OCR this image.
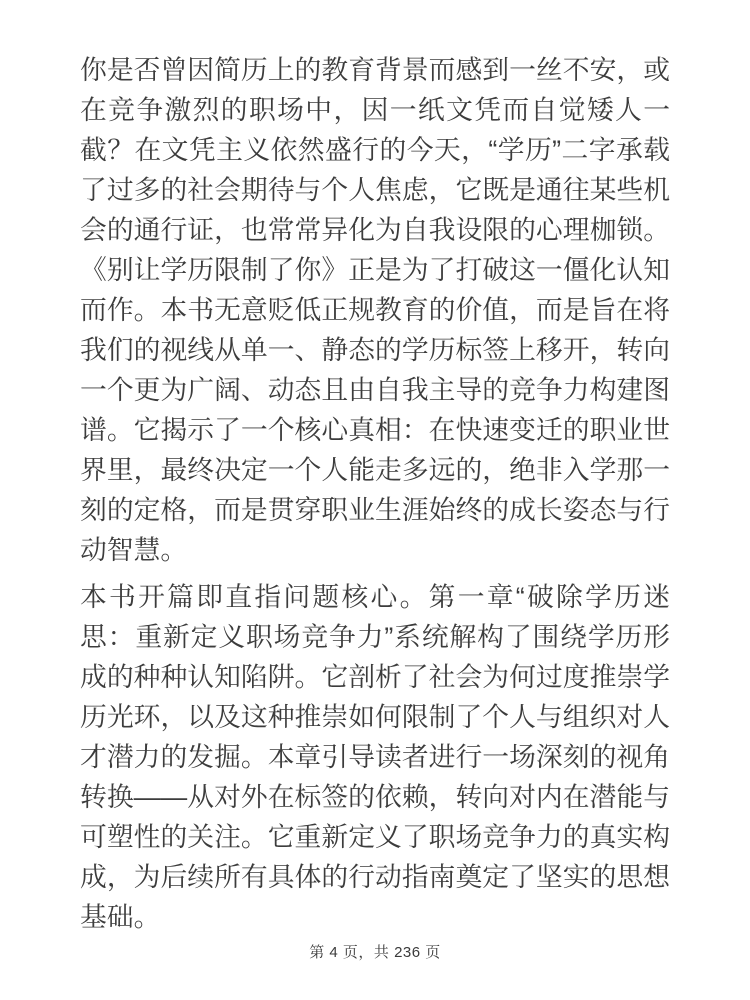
你是否曾因简历上的教育背景而感到一丝不安，或在竞争激烈的职场中，因一纸文凭而自觉矮人一截？在文凭主义依然盛行的今天，“学历”二字承载了过多的社会期待与个人焦虑，它既是通往某些机会的通行证，也常常异化为自我设限的心理枷锁。《别让学历限制了你》正是为了打破这一僵化认知而作。本书无意贬低正规教育的价值，而是旨在将我们的视线从单一、静态的学历标签上移开，转向一个更为广阔、动态且由自我主导的竞争力构建图谱。它揭示了一个核心真相：在快速变迁的职业世界里，最终决定一个人能走多远的，绝非入学那一刻的定格，而是贯穿职业生涯始终的成长姿态与行动智慧。

本书开篇即直指问题核心。第一章“破除学历迷思：重新定义职场竞争力”系统解构了围绕学历形成的种种认知陷阱。它剖析了社会为何过度推崇学历光环，以及这种推崇如何限制了个人与组织对人才潜力的发掘。本章引导读者进行一场深刻的视角转换——从对外在标签的依赖，转向对内在潜能与可塑性的关注。它重新定义了职场竞争力的真实构成，为后续所有具体的行动指南奠定了坚实的思想基础。

第 4 页，共 236 页
